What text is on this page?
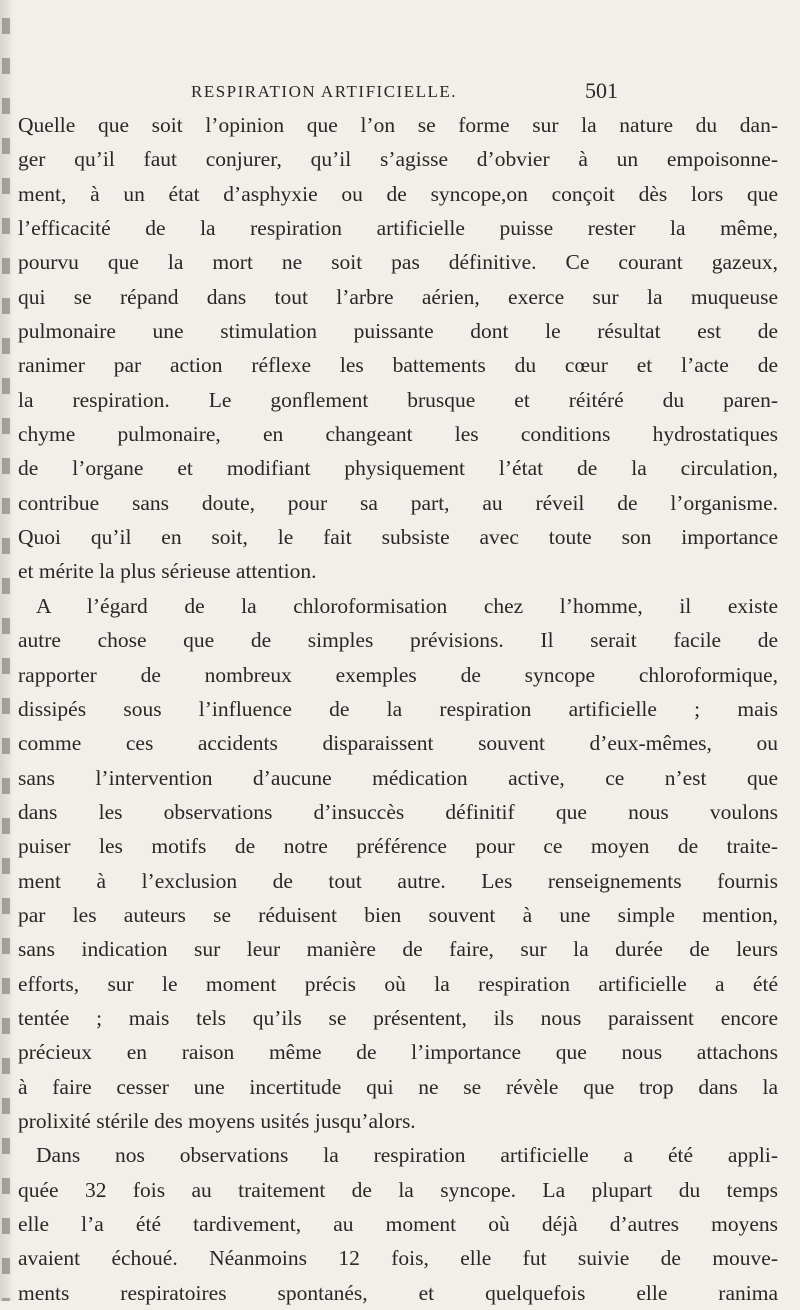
RESPIRATION ARTIFICIELLE.	501
Quelle que soit l’opinion que l’on se forme sur la nature du dan-
ger qu’il faut conjurer, qu’il s’agisse d’obvier à un empoisonne-
ment, à un état d’asphyxie ou de syncope,on conçoit dès lors que
l’efficacité de la respiration artificielle puisse rester la même,
pourvu que la mort ne soit pas définitive. Ce courant gazeux,
qui se répand dans tout l’arbre aérien, exerce sur la muqueuse
pulmonaire une stimulation puissante dont le résultat est de
ranimer par action réflexe les battements du cœur et l’acte de
la respiration. Le gonflement brusque et réitéré du paren-
chyme pulmonaire, en changeant les conditions hydrostatiques
de l’organe et modifiant physiquement l’état de la circulation,
contribue sans doute, pour sa part, au réveil de l’organisme.
Quoi qu’il en soit, le fait subsiste avec toute son importance
et mérite la plus sérieuse attention.
A l’égard de la chloroformisation chez l’homme, il existe
autre chose que de simples prévisions. Il serait facile de
rapporter de nombreux exemples de syncope chloroformique,
dissipés sous l’influence de la respiration artificielle ; mais
comme ces accidents disparaissent souvent d’eux-mêmes, ou
sans l’intervention d’aucune médication active, ce n’est que
dans les observations d’insuccès définitif que nous voulons
puiser les motifs de notre préférence pour ce moyen de traite-
ment à l’exclusion de tout autre. Les renseignements fournis
par les auteurs se réduisent bien souvent à une simple mention,
sans indication sur leur manière de faire, sur la durée de leurs
efforts, sur le moment précis où la respiration artificielle a été
tentée ; mais tels qu’ils se présentent, ils nous paraissent encore
précieux en raison même de l’importance que nous attachons
à faire cesser une incertitude qui ne se révèle que trop dans la
prolixité stérile des moyens usités jusqu’alors.
Dans nos observations la respiration artificielle a été appli-
quée 32 fois au traitement de la syncope. La plupart du temps
elle l’a été tardivement, au moment où déjà d’autres moyens
avaient échoué. Néanmoins 12 fois, elle fut suivie de mouve-
ments respiratoires spontanés, et quelquefois elle ranima
